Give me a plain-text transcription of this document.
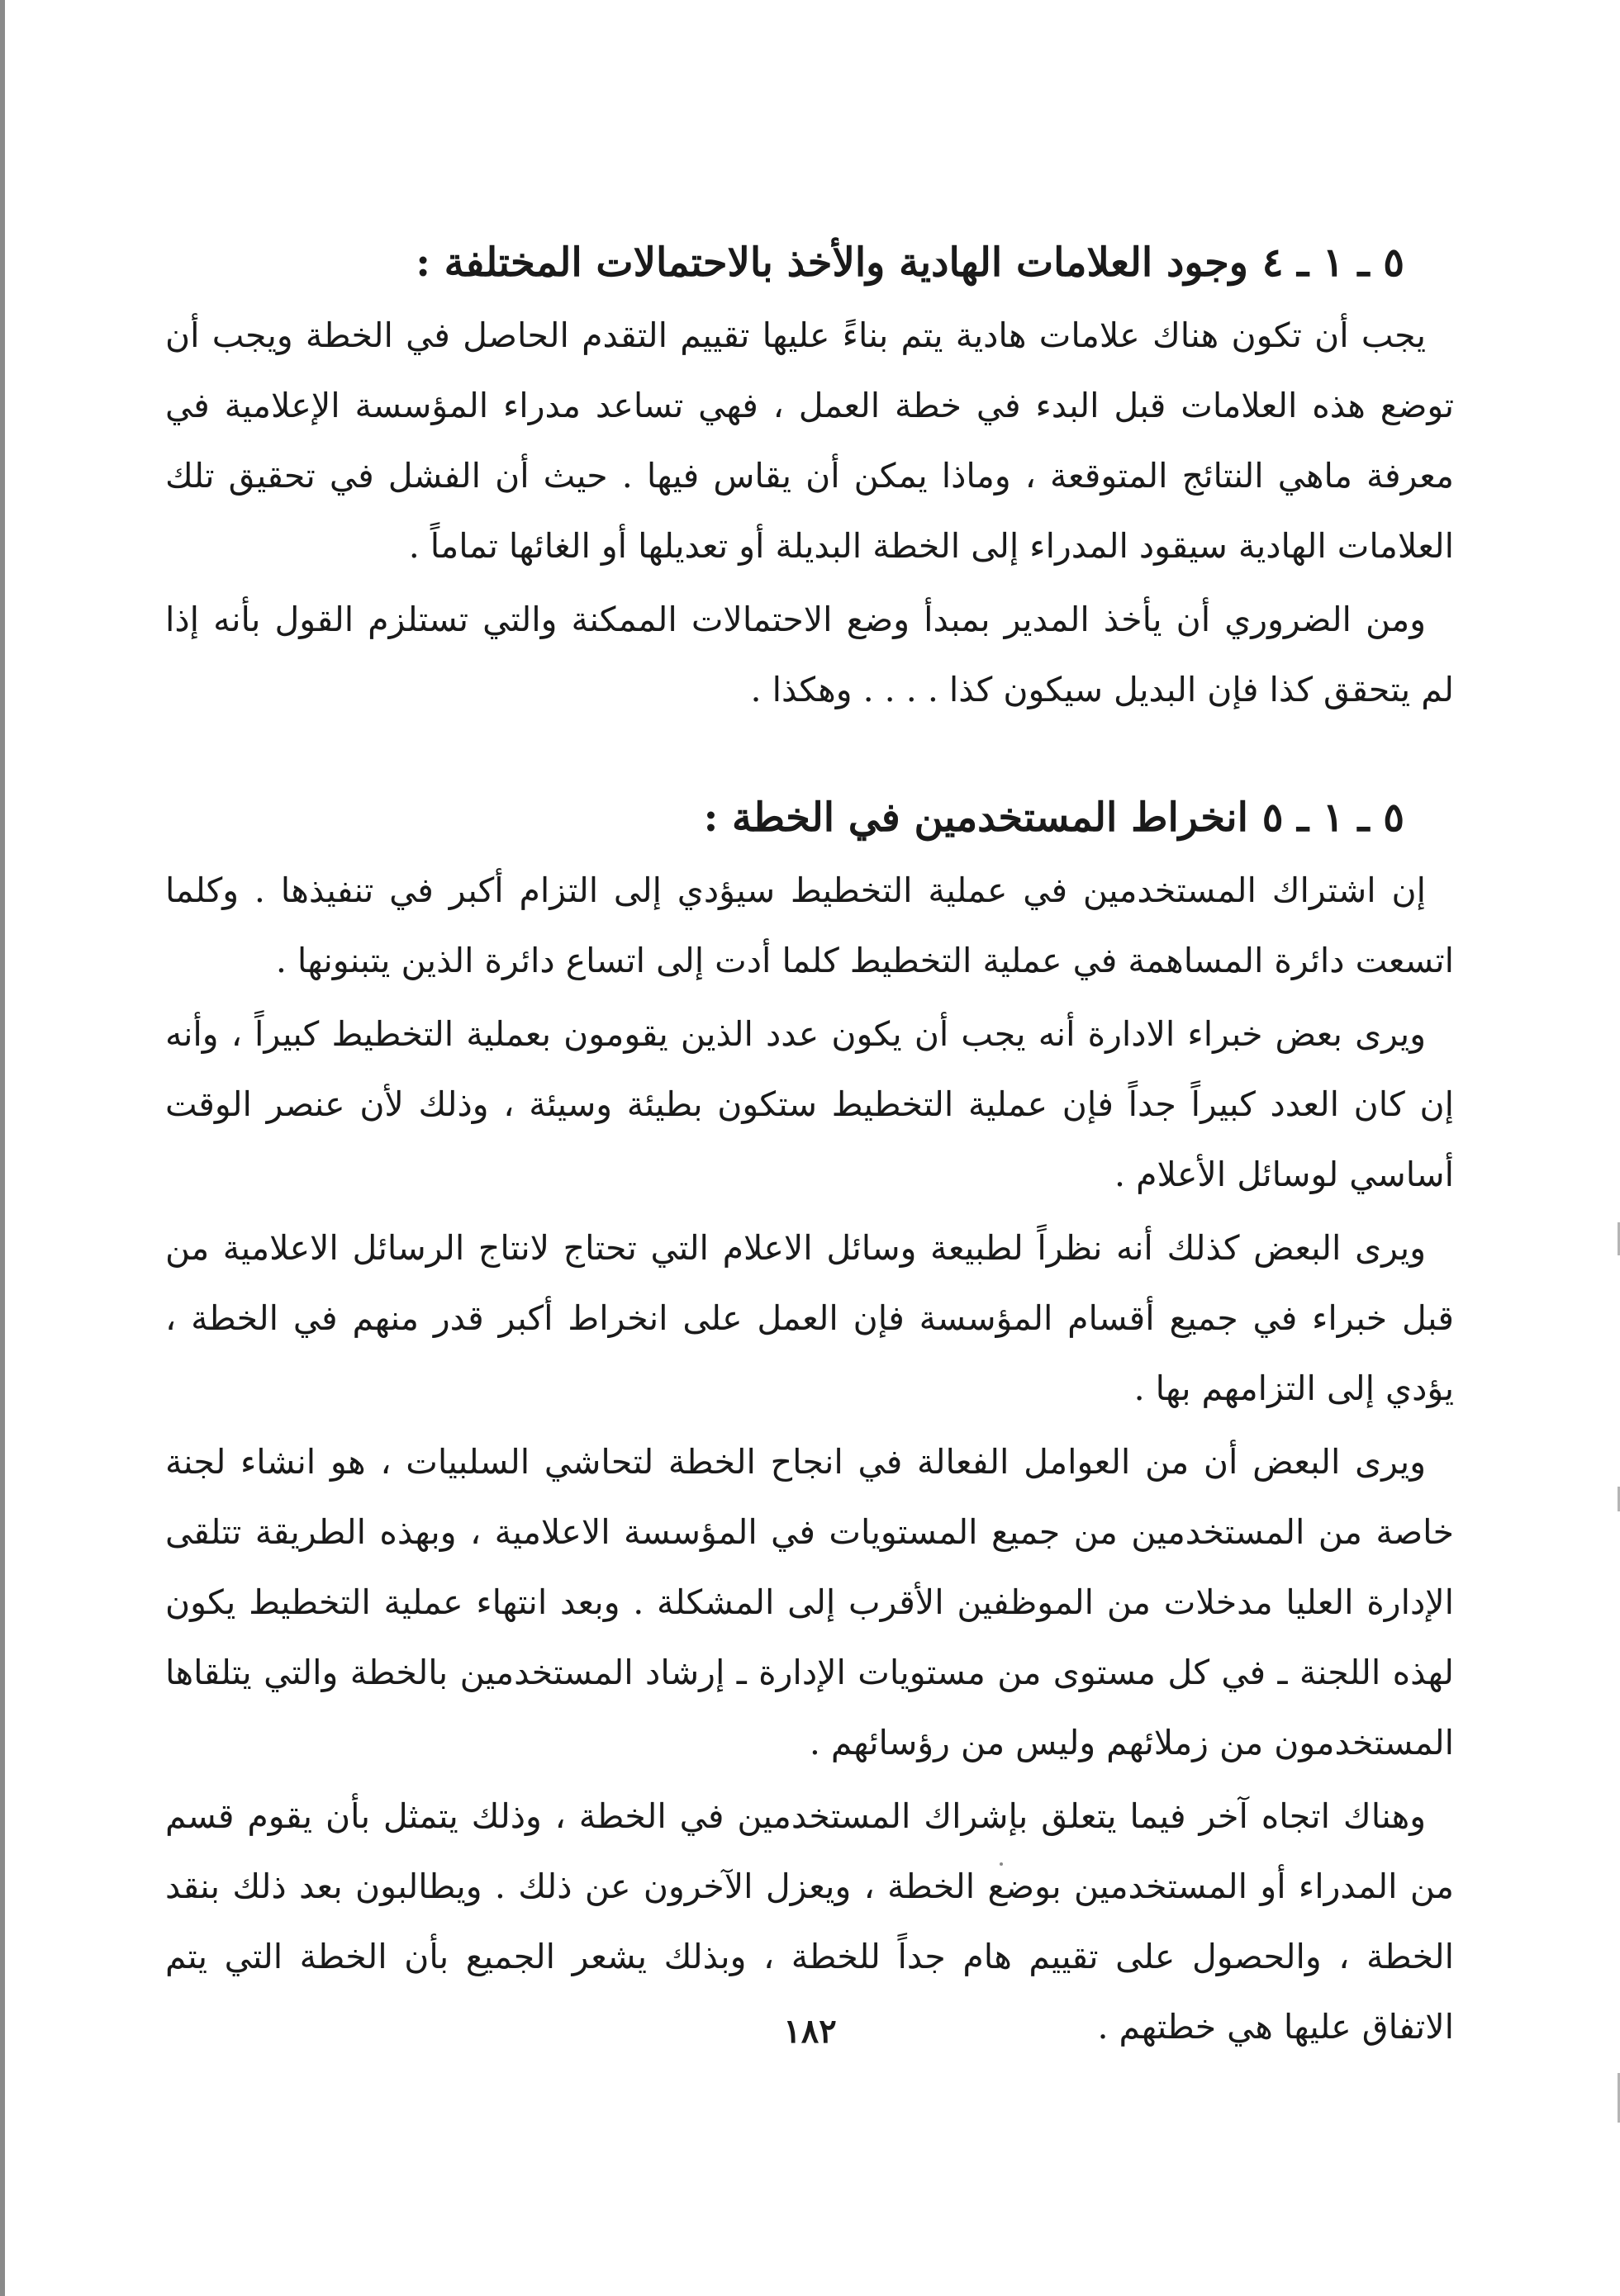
٥ ـ ١ ـ ٤ وجود العلامات الهادية والأخذ بالاحتمالات المختلفة :

يجب أن تكون هناك علامات هادية يتم بناءً عليها تقييم التقدم الحاصل في الخطة ويجب أن توضع هذه العلامات قبل البدء في خطة العمل ، فهي تساعد مدراء المؤسسة الإعلامية في معرفة ماهي النتائج المتوقعة ، وماذا يمكن أن يقاس فيها . حيث أن الفشل في تحقيق تلك العلامات الهادية سيقود المدراء إلى الخطة البديلة أو تعديلها أو الغائها تماماً .

ومن الضروري أن يأخذ المدير بمبدأ وضع الاحتمالات الممكنة والتي تستلزم القول بأنه إذا لم يتحقق كذا فإن البديل سيكون كذا . . . . وهكذا .

٥ ـ ١ ـ ٥ انخراط المستخدمين في الخطة :

إن اشتراك المستخدمين في عملية التخطيط سيؤدي إلى التزام أكبر في تنفيذها . وكلما اتسعت دائرة المساهمة في عملية التخطيط كلما أدت إلى اتساع دائرة الذين يتبنونها .

ويرى بعض خبراء الادارة أنه يجب أن يكون عدد الذين يقومون بعملية التخطيط كبيراً ، وأنه إن كان العدد كبيراً جداً فإن عملية التخطيط ستكون بطيئة وسيئة ، وذلك لأن عنصر الوقت أساسي لوسائل الأعلام .

ويرى البعض كذلك أنه نظراً لطبيعة وسائل الاعلام التي تحتاج لانتاج الرسائل الاعلامية من قبل خبراء في جميع أقسام المؤسسة فإن العمل على انخراط أكبر قدر منهم في الخطة ، يؤدي إلى التزامهم بها .

ويرى البعض أن من العوامل الفعالة في انجاح الخطة لتحاشي السلبيات ، هو انشاء لجنة خاصة من المستخدمين من جميع المستويات في المؤسسة الاعلامية ، وبهذه الطريقة تتلقى الإدارة العليا مدخلات من الموظفين الأقرب إلى المشكلة . وبعد انتهاء عملية التخطيط يكون لهذه اللجنة ـ في كل مستوى من مستويات الإدارة ـ إرشاد المستخدمين بالخطة والتي يتلقاها المستخدمون من زملائهم وليس من رؤسائهم .

وهناك اتجاه آخر فيما يتعلق بإشراك المستخدمين في الخطة ، وذلك يتمثل بأن يقوم قسم من المدراء أو المستخدمين بوضع الخطة ، ويعزل الآخرون عن ذلك . ويطالبون بعد ذلك بنقد الخطة ، والحصول على تقييم هام جداً للخطة ، وبذلك يشعر الجميع بأن الخطة التي يتم الاتفاق عليها هي خطتهم .

١٨٢
